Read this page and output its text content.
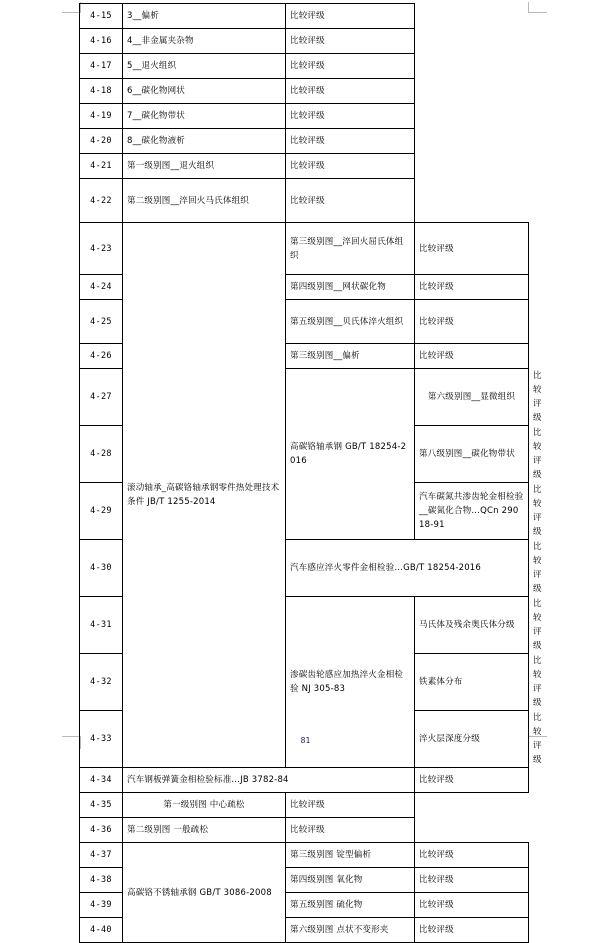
4-15	3__偏析	比较评级		
4-16	4__非金属夹杂物	比较评级		
4-17	5__退火组织	比较评级		
4-18	6__碳化物网状	比较评级		
4-19	7__碳化物带状	比较评级		
4-20	8__碳化物液析	比较评级		
4-21	第一级别图__退火组织	比较评级		
4-22	第二级别图__淬回火马氏体组织	比较评级		
4-23	滚动轴承_高碳铬轴承钢零件热处理技术条件 JB/T 1255-2014	第三级别图__淬回火屈氏体组织	比较评级	
4-24		第四级别图__网状碳化物	比较评级	
4-25		第五级别图__贝氏体淬火组织	比较评级	
4-26		第三级别图__偏析	比较评级	
4-27		高碳铬轴承钢 GB/T 18254-2016	第六级别图__显微组织	比较评级
4-28			第八级别图__碳化物带状	比较评级
4-29			汽车碳氮共渗齿轮金相检验__碳氮化合物...QCn 29018-91	比较评级
4-30		汽车感应淬火零件金相检验...GB/T 18254-2016		比较评级
4-31		渗碳齿轮感应加热淬火金相检验 NJ 305-83	马氏体及残余奥氏体分级	比较评级
4-32			铁素体分布	比较评级
4-33			淬火层深度分级	比较评级
4-34	汽车钢板弹簧金相检验标准...JB 3782-84		比较评级	
4-35	第一级别图 中心疏松	比较评级		
4-36	第二级别图 一般疏松	比较评级		
4-37	高碳铬不锈轴承钢 GB/T 3086-2008	第三级别图 锭型偏析	比较评级	
4-38		第四级别图 氧化物	比较评级	
4-39		第五级别图 硫化物	比较评级	
4-40		第六级别图 点状不变形夹	比较评级	
81
